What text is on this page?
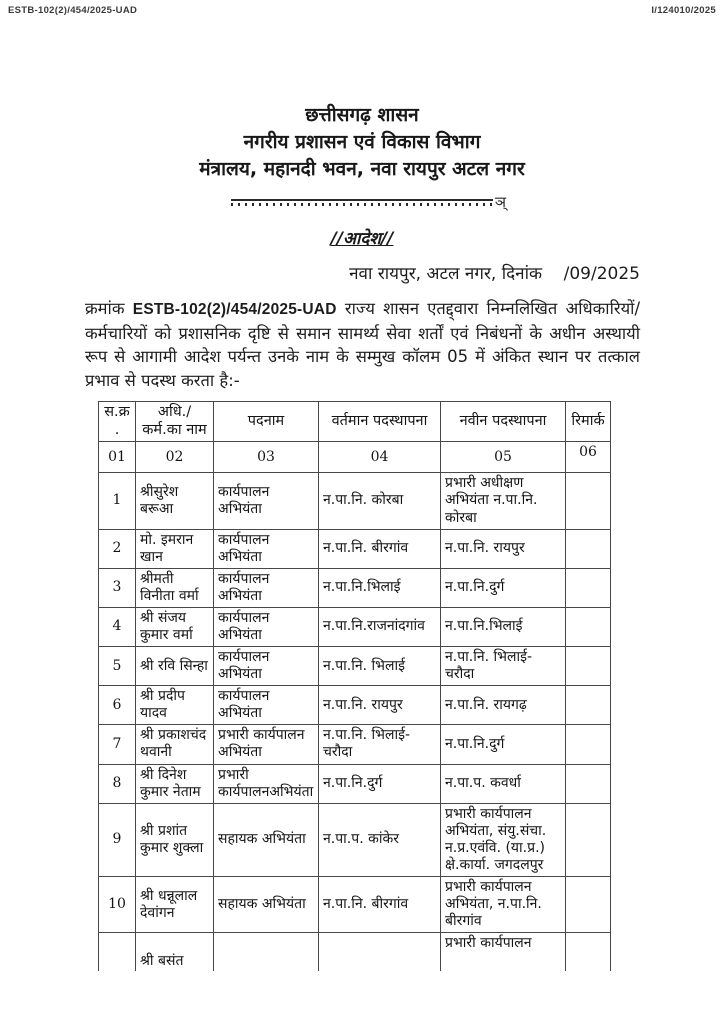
ESTB-102(2)/454/2025-UAD	I/124010/2025
छत्तीसगढ़ शासन
नगरीय प्रशासन एवं विकास विभाग
मंत्रालय, महानदी भवन, नवा रायपुर अटल नगर
ञ्
//आदेश//
नवा रायपुर, अटल नगर, दिनांक    /09/2025
क्रमांक ESTB-102(2)/454/2025-UAD राज्य शासन एतद्द्वारा निम्नलिखित अधिकारियों/कर्मचारियों को प्रशासनिक दृष्टि से समान सामर्थ्य सेवा शर्तों एवं निबंधनों के अधीन अस्थायी रूप से आगामी आदेश पर्यन्त उनके नाम के सम्मुख कॉलम 05 में अंकित स्थान पर तत्काल प्रभाव से पदस्थ करता है:-
स.क्र.	अधि./कर्म.का नाम	पदनाम	वर्तमान पदस्थापना	नवीन पदस्थापना	रिमार्क
01	02	03	04	05	06
1	श्रीसुरेश बरूआ	कार्यपालन अभियंता	न.पा.नि. कोरबा	प्रभारी अधीक्षण अभियंता न.पा.नि. कोरबा	
2	मो. इमरान खान	कार्यपालन अभियंता	न.पा.नि. बीरगांव	न.पा.नि. रायपुर	
3	श्रीमती विनीता वर्मा	कार्यपालन अभियंता	न.पा.नि.भिलाई	न.पा.नि.दुर्ग	
4	श्री संजय कुमार वर्मा	कार्यपालन अभियंता	न.पा.नि.राजनांदगांव	न.पा.नि.भिलाई	
5	श्री रवि सिन्हा	कार्यपालन अभियंता	न.पा.नि. भिलाई	न.पा.नि. भिलाई-चरौदा	
6	श्री प्रदीप यादव	कार्यपालन अभियंता	न.पा.नि. रायपुर	न.पा.नि. रायगढ़	
7	श्री प्रकाशचंद थवानी	प्रभारी कार्यपालन अभियंता	न.पा.नि. भिलाई-चरौदा	न.पा.नि.दुर्ग	
8	श्री दिनेश कुमार नेताम	प्रभारी कार्यपालनअभियंता	न.पा.नि.दुर्ग	न.पा.प. कवर्धा	
9	श्री प्रशांत कुमार शुक्ला	सहायक अभियंता	न.पा.प. कांकेर	प्रभारी कार्यपालन अभियंता, संयु.संचा. न.प्र.एवंवि. (या.प्र.) क्षे.कार्या. जगदलपुर	
10	श्री धन्नूलाल देवांगन	सहायक अभियंता	न.पा.नि. बीरगांव	प्रभारी कार्यपालन अभियंता, न.पा.नि. बीरगांव	
	श्री बसंत			प्रभारी कार्यपालन	
